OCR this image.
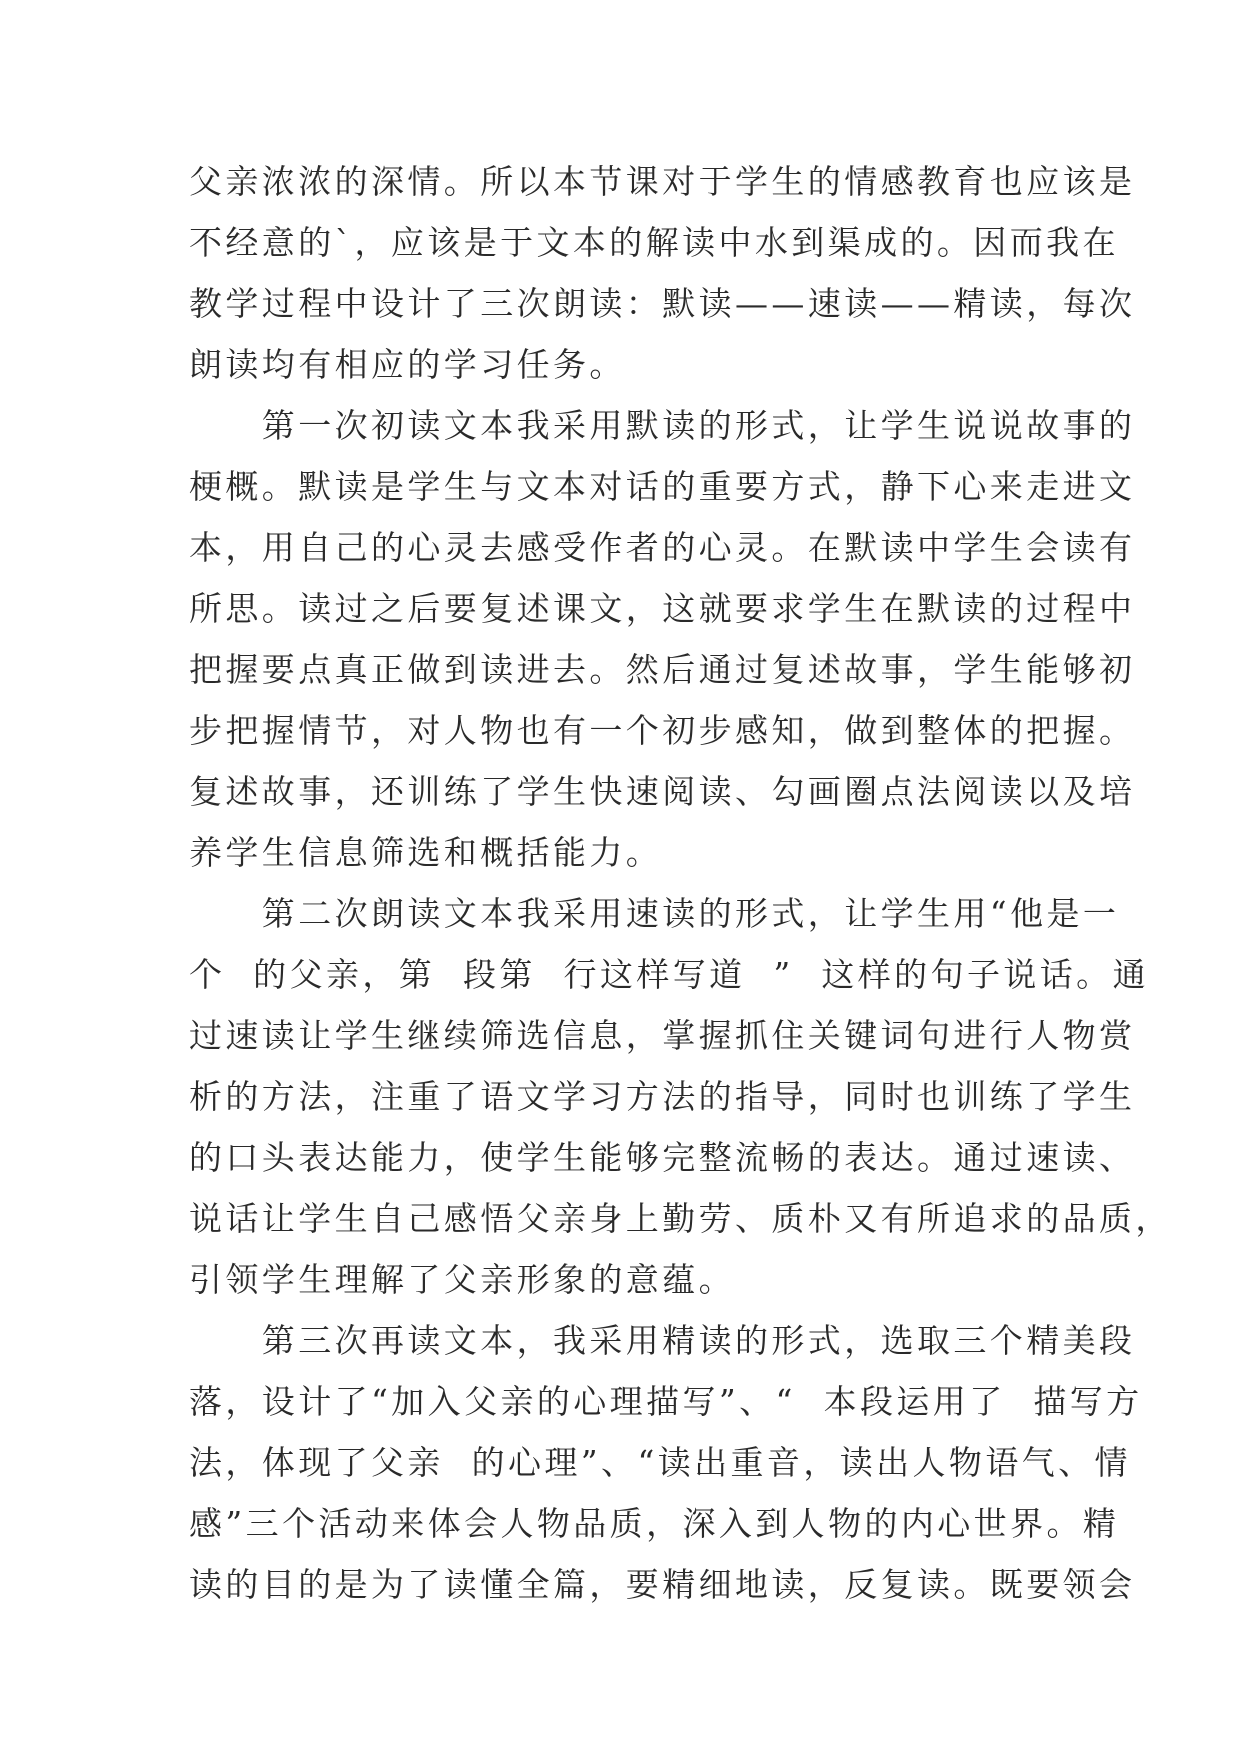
父亲浓浓的深情。所以本节课对于学生的情感教育也应该是
不经意的`，应该是于文本的解读中水到渠成的。因而我在
教学过程中设计了三次朗读：默读——速读——精读，每次
朗读均有相应的学习任务。
　　第一次初读文本我采用默读的形式，让学生说说故事的
梗概。默读是学生与文本对话的重要方式，静下心来走进文
本，用自己的心灵去感受作者的心灵。在默读中学生会读有
所思。读过之后要复述课文，这就要求学生在默读的过程中
把握要点真正做到读进去。然后通过复述故事，学生能够初
步把握情节，对人物也有一个初步感知，做到整体的把握。
复述故事，还训练了学生快速阅读、勾画圈点法阅读以及培
养学生信息筛选和概括能力。
　　第二次朗读文本我采用速读的形式，让学生用“他是一
个  的父亲，第  段第  行这样写道  ”  这样的句子说话。通
过速读让学生继续筛选信息，掌握抓住关键词句进行人物赏
析的方法，注重了语文学习方法的指导，同时也训练了学生
的口头表达能力，使学生能够完整流畅的表达。通过速读、
说话让学生自己感悟父亲身上勤劳、质朴又有所追求的品质，
引领学生理解了父亲形象的意蕴。
　　第三次再读文本，我采用精读的形式，选取三个精美段
落，设计了“加入父亲的心理描写”、“  本段运用了  描写方
法，体现了父亲  的心理”、“读出重音，读出人物语气、情
感”三个活动来体会人物品质，深入到人物的内心世界。精
读的目的是为了读懂全篇，要精细地读，反复读。既要领会
